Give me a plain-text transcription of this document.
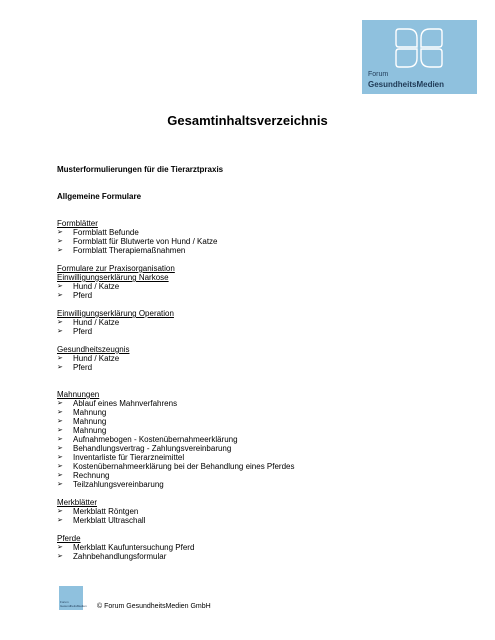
Forum
GesundheitsMedien
Gesamtinhaltsverzeichnis

Musterformulierungen für die Tierarztpraxis

Allgemeine Formulare

Formblätter
➢ Formblatt Befunde
➢ Formblatt für Blutwerte von Hund / Katze
➢ Formblatt Therapiemaßnahmen
Formulare zur Praxisorganisation
Einwilligungserklärung Narkose
➢ Hund / Katze
➢ Pferd
Einwilligungserklärung Operation
➢ Hund / Katze
➢ Pferd
Gesundheitszeugnis
➢ Hund / Katze
➢ Pferd
Mahnungen
➢ Ablauf eines Mahnverfahrens
➢ Mahnung
➢ Mahnung
➢ Mahnung
➢ Aufnahmebogen - Kostenübernahmeerklärung
➢ Behandlungsvertrag - Zahlungsvereinbarung
➢ Inventarliste für Tierarzneimittel
➢ Kostenübernahmeerklärung bei der Behandlung eines Pferdes
➢ Rechnung
➢ Teilzahlungsvereinbarung
Merkblätter
➢ Merkblatt Röntgen
➢ Merkblatt Ultraschall
Pferde
➢ Merkblatt Kaufuntersuchung Pferd
➢ Zahnbehandlungsformular
Forum GesundheitsMedien © Forum GesundheitsMedien GmbH
